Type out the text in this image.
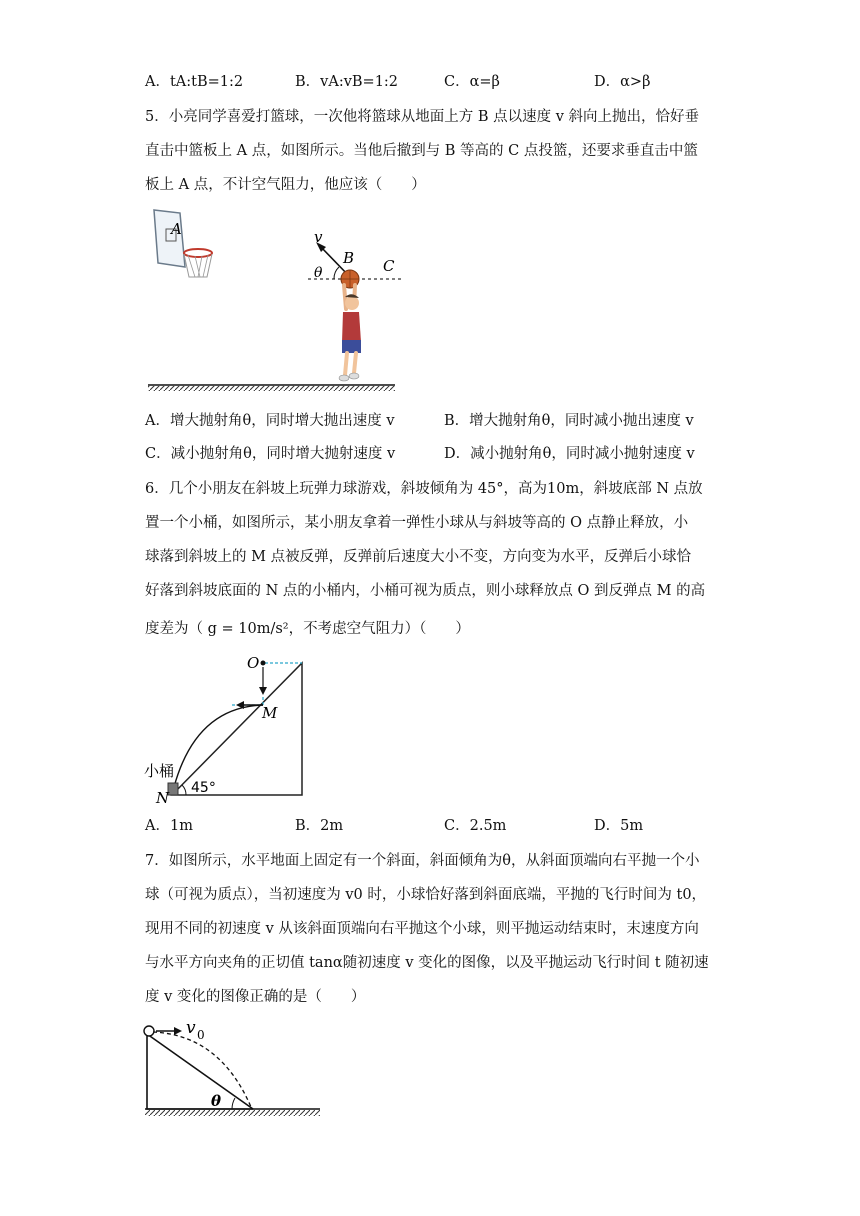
A．tA:tB=1:2	B．vA:vB=1:2	C．α=β	D．α>β
5．小亮同学喜爱打篮球，一次他将篮球从地面上方 B 点以速度 v 斜向上抛出，恰好垂
直击中篮板上 A 点，如图所示。当他后撤到与 B 等高的 C 点投篮，还要求垂直击中篮
板上 A 点，不计空气阻力，他应该（　　）
A	v
θ
B C
A．增大抛射角θ，同时增大抛出速度 v	B．增大抛射角θ，同时减小抛出速度 v
C．减小抛射角θ，同时增大抛射速度 v	D．减小抛射角θ，同时减小抛射速度 v
6．几个小朋友在斜坡上玩弹力球游戏，斜坡倾角为 45°，高为10m，斜坡底部 N 点放
置一个小桶，如图所示，某小朋友拿着一弹性小球从与斜坡等高的 O 点静止释放，小
球落到斜坡上的 M 点被反弹，反弹前后速度大小不变，方向变为水平，反弹后小球恰
好落到斜坡底面的 N 点的小桶内，小桶可视为质点，则小球释放点 O 到反弹点 M 的高
度差为（ g = 10m/s²，不考虑空气阻力）（　　）
O
M
小桶
N
45°
A．1m	B．2m	C．2.5m	D．5m
7．如图所示，水平地面上固定有一个斜面，斜面倾角为θ，从斜面顶端向右平抛一个小
球（可视为质点），当初速度为 v0 时，小球恰好落到斜面底端，平抛的飞行时间为 t0，
现用不同的初速度 v 从该斜面顶端向右平抛这个小球，则平抛运动结束时，末速度方向
与水平方向夹角的正切值 tanα随初速度 v 变化的图像，以及平抛运动飞行时间 t 随初速
度 v 变化的图像正确的是（　　）
v 0
θ
